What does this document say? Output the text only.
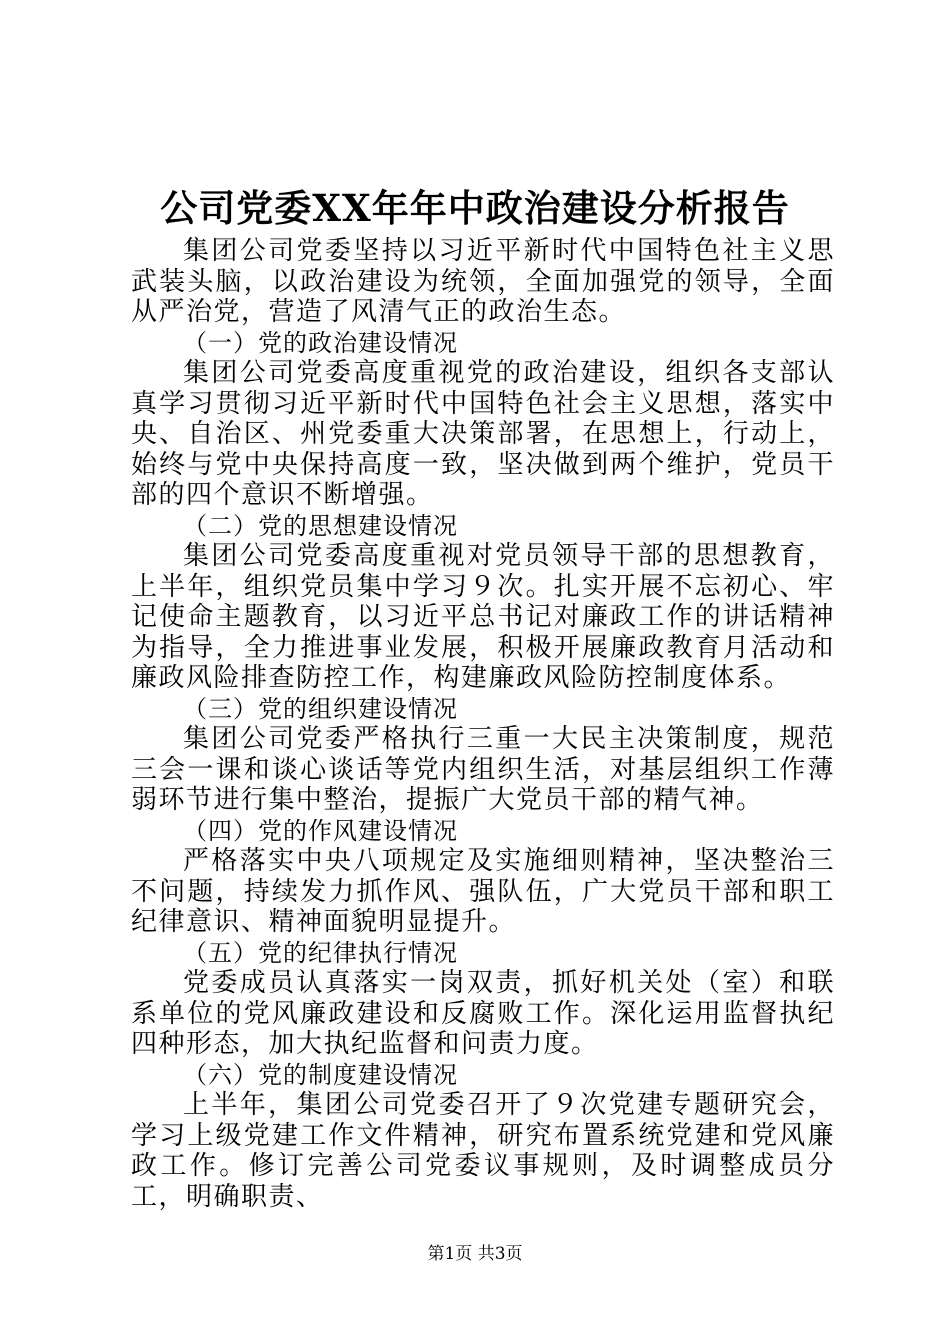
公司党委XX年年中政治建设分析报告

集团公司党委坚持以习近平新时代中国特色社主义思武装头脑，以政治建设为统领，全面加强党的领导，全面从严治党，营造了风清气正的政治生态。

（一）党的政治建设情况

集团公司党委高度重视党的政治建设，组织各支部认真学习贯彻习近平新时代中国特色社会主义思想，落实中央、自治区、州党委重大决策部署，在思想上，行动上，始终与党中央保持高度一致，坚决做到两个维护，党员干部的四个意识不断增强。

（二）党的思想建设情况

集团公司党委高度重视对党员领导干部的思想教育，上半年，组织党员集中学习９次。扎实开展不忘初心、牢记使命主题教育，以习近平总书记对廉政工作的讲话精神为指导，全力推进事业发展，积极开展廉政教育月活动和廉政风险排查防控工作，构建廉政风险防控制度体系。

（三）党的组织建设情况

集团公司党委严格执行三重一大民主决策制度，规范三会一课和谈心谈话等党内组织生活，对基层组织工作薄弱环节进行集中整治，提振广大党员干部的精气神。

（四）党的作风建设情况

严格落实中央八项规定及实施细则精神，坚决整治三不问题，持续发力抓作风、强队伍，广大党员干部和职工纪律意识、精神面貌明显提升。

（五）党的纪律执行情况

党委成员认真落实一岗双责，抓好机关处（室）和联系单位的党风廉政建设和反腐败工作。深化运用监督执纪四种形态，加大执纪监督和问责力度。

（六）党的制度建设情况

上半年，集团公司党委召开了９次党建专题研究会，学习上级党建工作文件精神，研究布置系统党建和党风廉政工作。修订完善公司党委议事规则，及时调整成员分工，明确职责、

第1页 共3页
